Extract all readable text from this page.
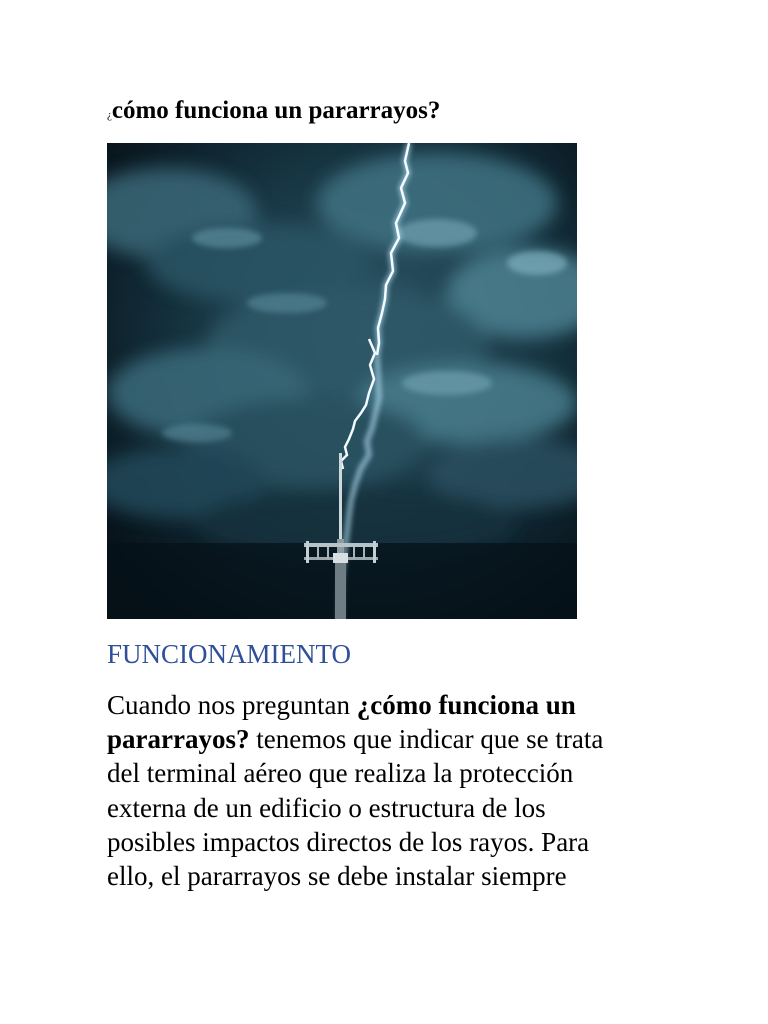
¿cómo funciona un pararrayos?
FUNCIONAMIENTO
Cuando nos preguntan ¿cómo funciona un
pararrayos? tenemos que indicar que se trata
del terminal aéreo que realiza la protección
externa de un edificio o estructura de los
posibles impactos directos de los rayos. Para
ello, el pararrayos se debe instalar siempre
